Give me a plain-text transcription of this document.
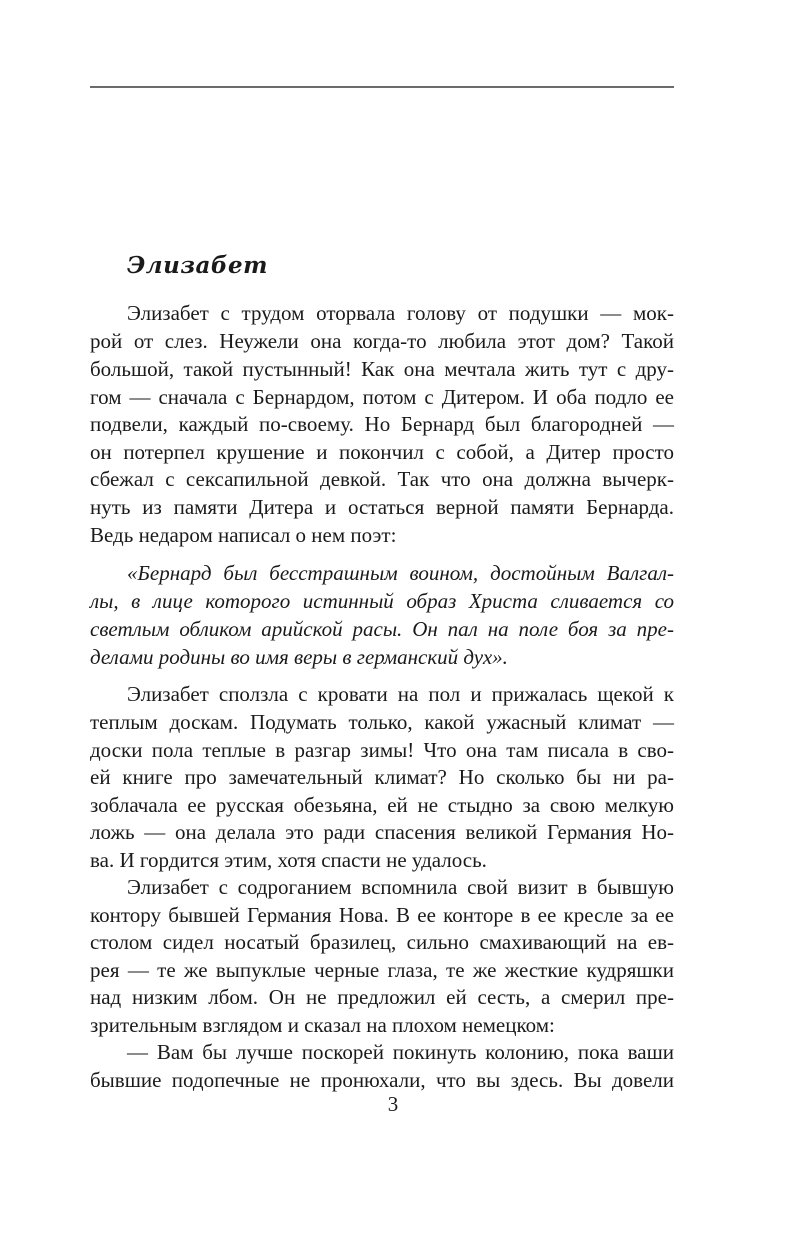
Элизабет
Элизабет с трудом оторвала голову от подушки — мок-
рой от слез. Неужели она когда-то любила этот дом? Такой
большой, такой пустынный! Как она мечтала жить тут с дру-
гом — сначала с Бернардом, потом с Дитером. И оба подло ее
подвели, каждый по-своему. Но Бернард был благородней —
он потерпел крушение и покончил с собой, а Дитер просто
сбежал с сексапильной девкой. Так что она должна вычерк-
нуть из памяти Дитера и остаться верной памяти Бернарда.
Ведь недаром написал о нем поэт:
«Бернард был бесстрашным воином, достойным Валгал-
лы, в лице которого истинный образ Христа сливается со
светлым обликом арийской расы. Он пал на поле боя за пре-
делами родины во имя веры в германский дух».
Элизабет сползла с кровати на пол и прижалась щекой к
теплым доскам. Подумать только, какой ужасный климат —
доски пола теплые в разгар зимы! Что она там писала в сво-
ей книге про замечательный климат? Но сколько бы ни ра-
зоблачала ее русская обезьяна, ей не стыдно за свою мелкую
ложь — она делала это ради спасения великой Германия Но-
ва. И гордится этим, хотя спасти не удалось.
Элизабет с содроганием вспомнила свой визит в бывшую
контору бывшей Германия Нова. В ее конторе в ее кресле за ее
столом сидел носатый бразилец, сильно смахивающий на ев-
рея — те же выпуклые черные глаза, те же жесткие кудряшки
над низким лбом. Он не предложил ей сесть, а смерил пре-
зрительным взглядом и сказал на плохом немецком:
— Вам бы лучше поскорей покинуть колонию, пока ваши
бывшие подопечные не пронюхали, что вы здесь. Вы довели
3
